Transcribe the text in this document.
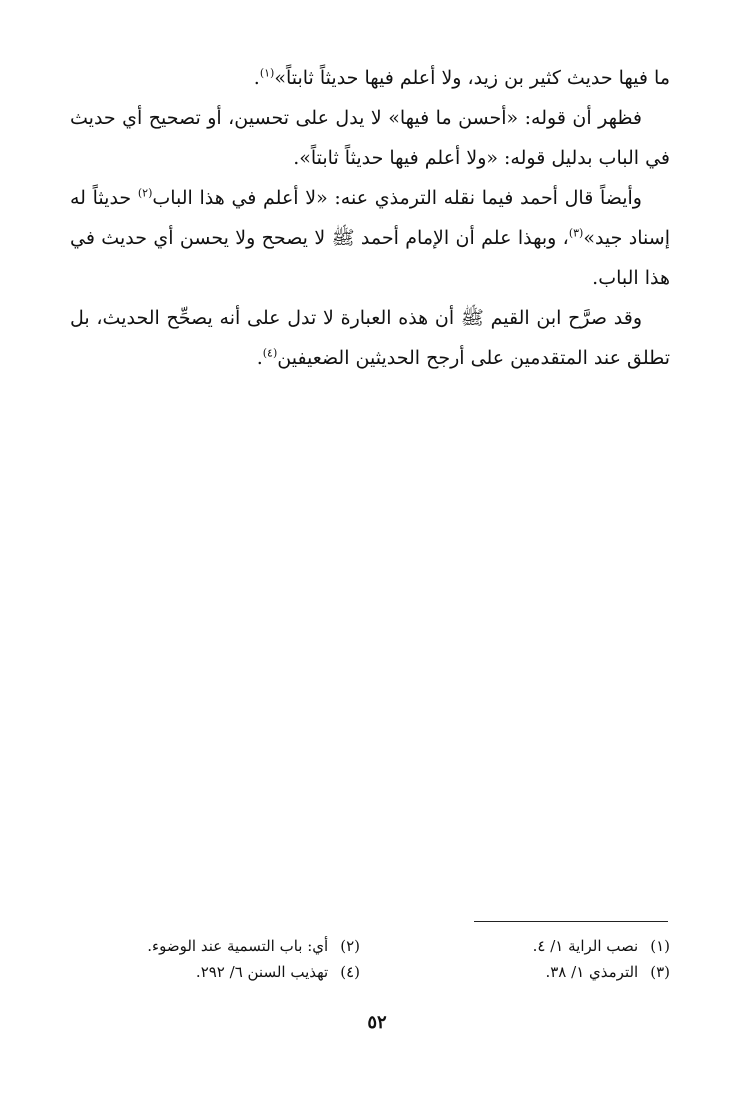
ما فيها حديث كثير بن زيد، ولا أعلم فيها حديثاً ثابتاً»$^{(١)}$.

فظهر أن قوله: «أحسن ما فيها» لا يدل على تحسين، أو تصحيح أي حديث في الباب بدليل قوله: «ولا أعلم فيها حديثاً ثابتاً».

وأيضاً قال أحمد فيما نقله الترمذي عنه: «لا أعلم في هذا الباب$^{(٢)}$ حديثاً له إسناد جيد»$^{(٣)}$، وبهذا علم أن الإمام أحمد ﷺ لا يصحح ولا يحسن أي حديث في هذا الباب.

وقد صرَّح ابن القيم ﷺ أن هذه العبارة لا تدل على أنه يصحِّح الحديث، بل تطلق عند المتقدمين على أرجح الحديثين الضعيفين$^{(٤)}$.

(١)نصب الراية ١/ ٤.
(٢)أي: باب التسمية عند الوضوء.
(٣)الترمذي ١/ ٣٨.
(٤)تهذيب السنن ٦/ ٢٩٢.
٥٢
